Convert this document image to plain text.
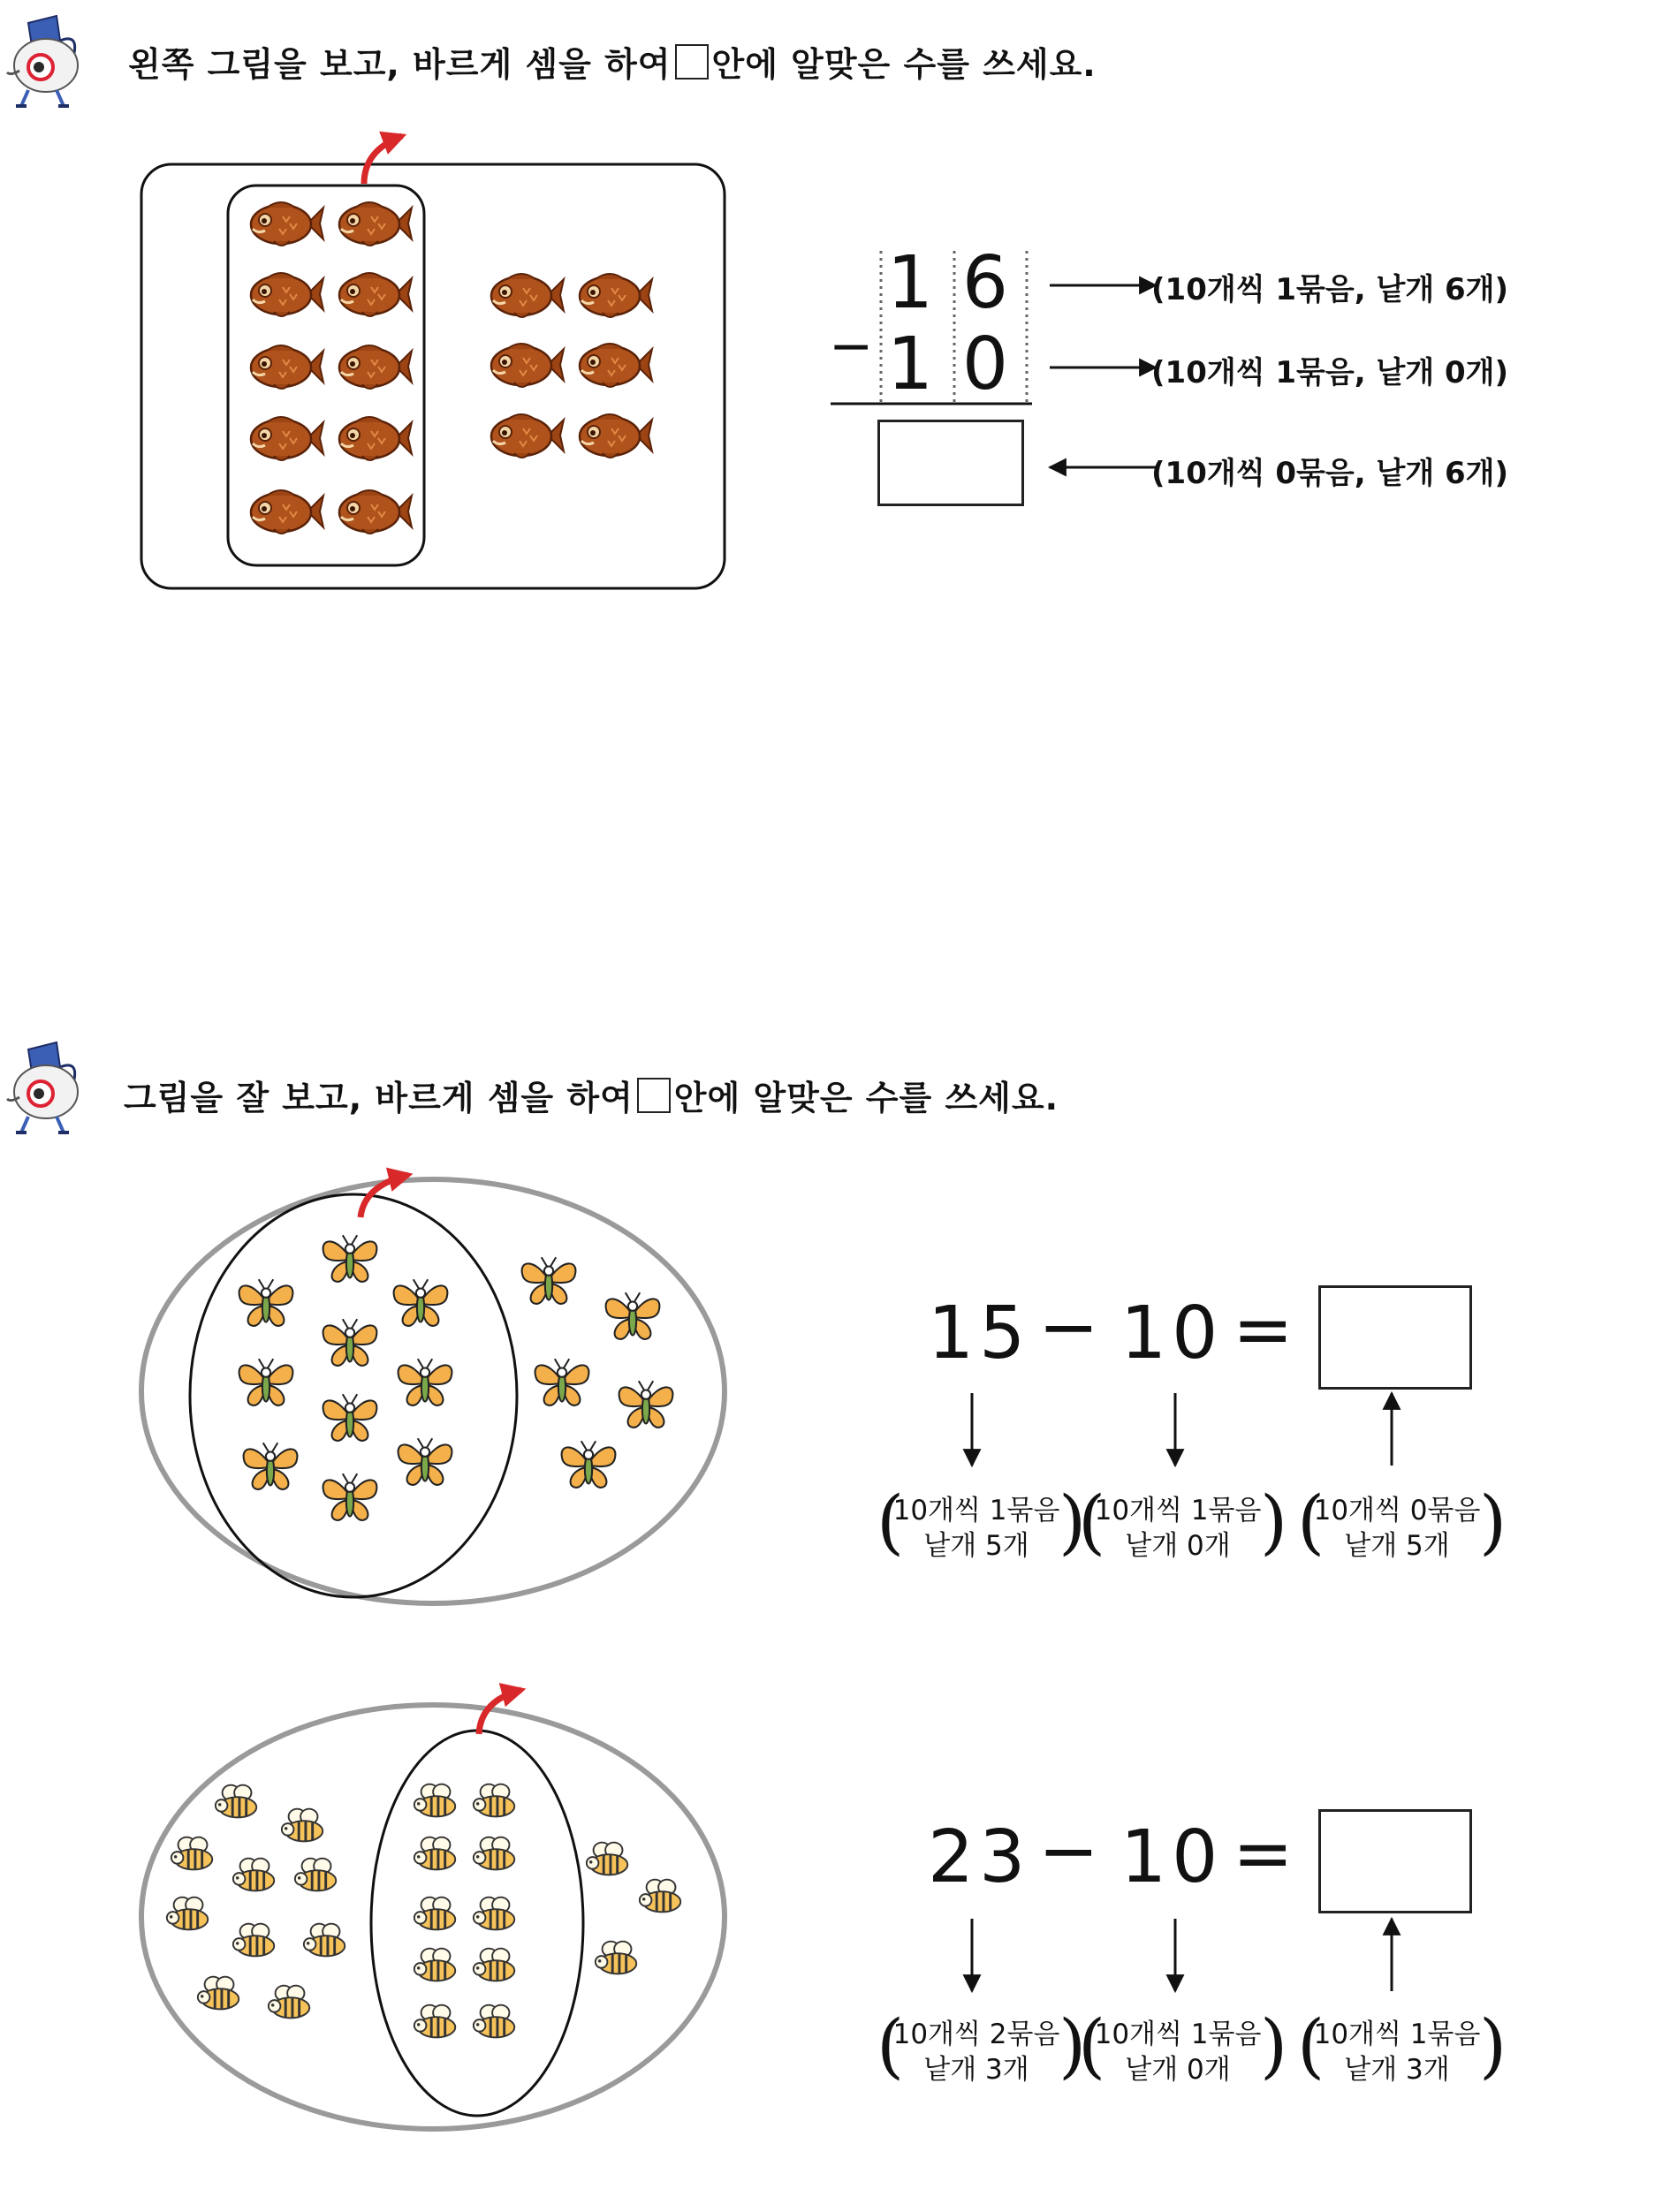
왼쪽 그림을 보고, 바르게 셈을 하여 안에 알맞은 수를 쓰세요.
1 6
− 1 0
(10개씩 1묶음, 낱개 6개)
(10개씩 1묶음, 낱개 0개)
(10개씩 0묶음, 낱개 6개)
그림을 잘 보고, 바르게 셈을 하여 안에 알맞은 수를 쓰세요.
15 − 10 =
(
10개씩 1묶음
낱개 5개 )
(
10개씩 1묶음
낱개 0개 ) (
10개씩 0묶음
낱개 5개 )
23 − 10 =
(
10개씩 2묶음
낱개 3개 )
(
10개씩 1묶음
낱개 0개 ) (
10개씩 1묶음
낱개 3개 )
